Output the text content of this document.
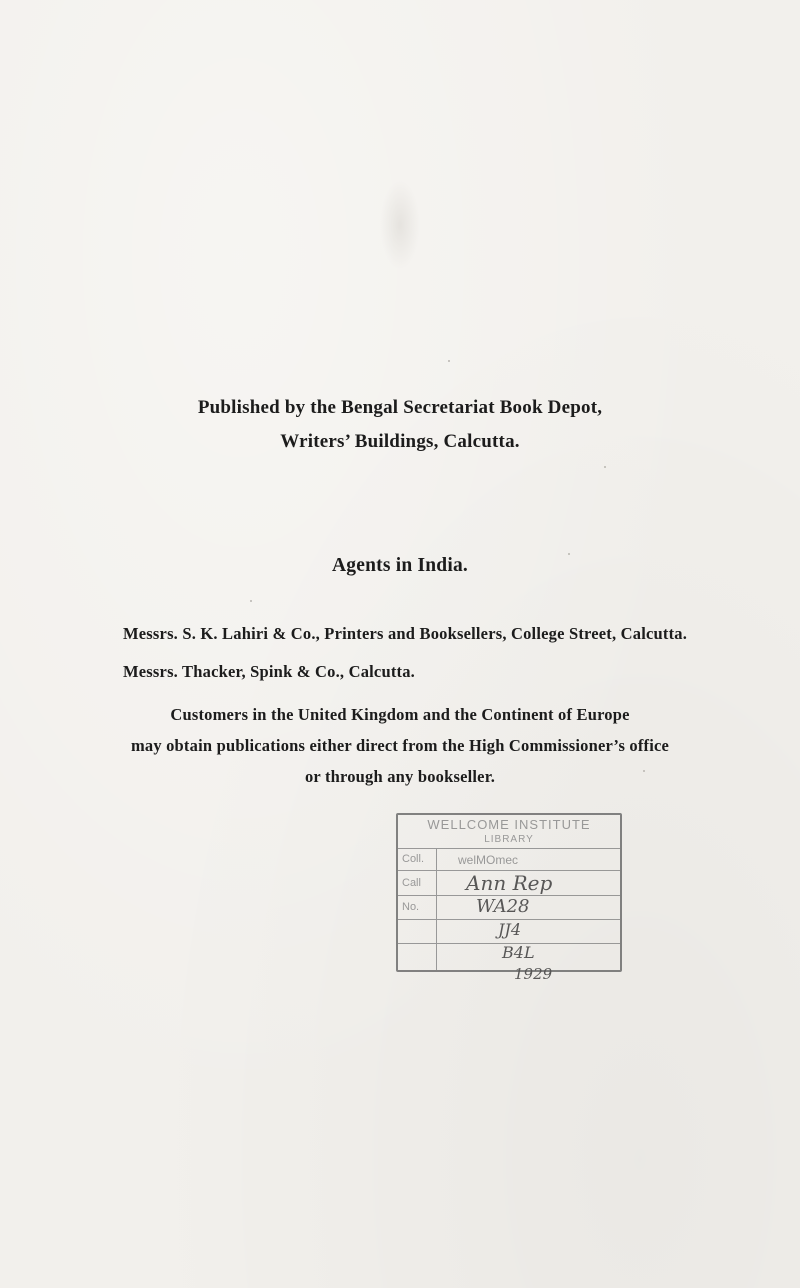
Published by the Bengal Secretariat Book Depot,
Writers’ Buildings, Calcutta.
Agents in India.
Messrs. S. K. Lahiri & Co., Printers and Booksellers, College Street, Calcutta.
Messrs. Thacker, Spink & Co., Calcutta.
Customers in the United Kingdom and the Continent of Europe
may obtain publications either direct from the High Commissioner’s office
or through any bookseller.
WELLCOME INSTITUTE
LIBRARY
Coll.	welMOmec
Call
No.
Ann Rep
WA28
JJ4
B4L
1929
